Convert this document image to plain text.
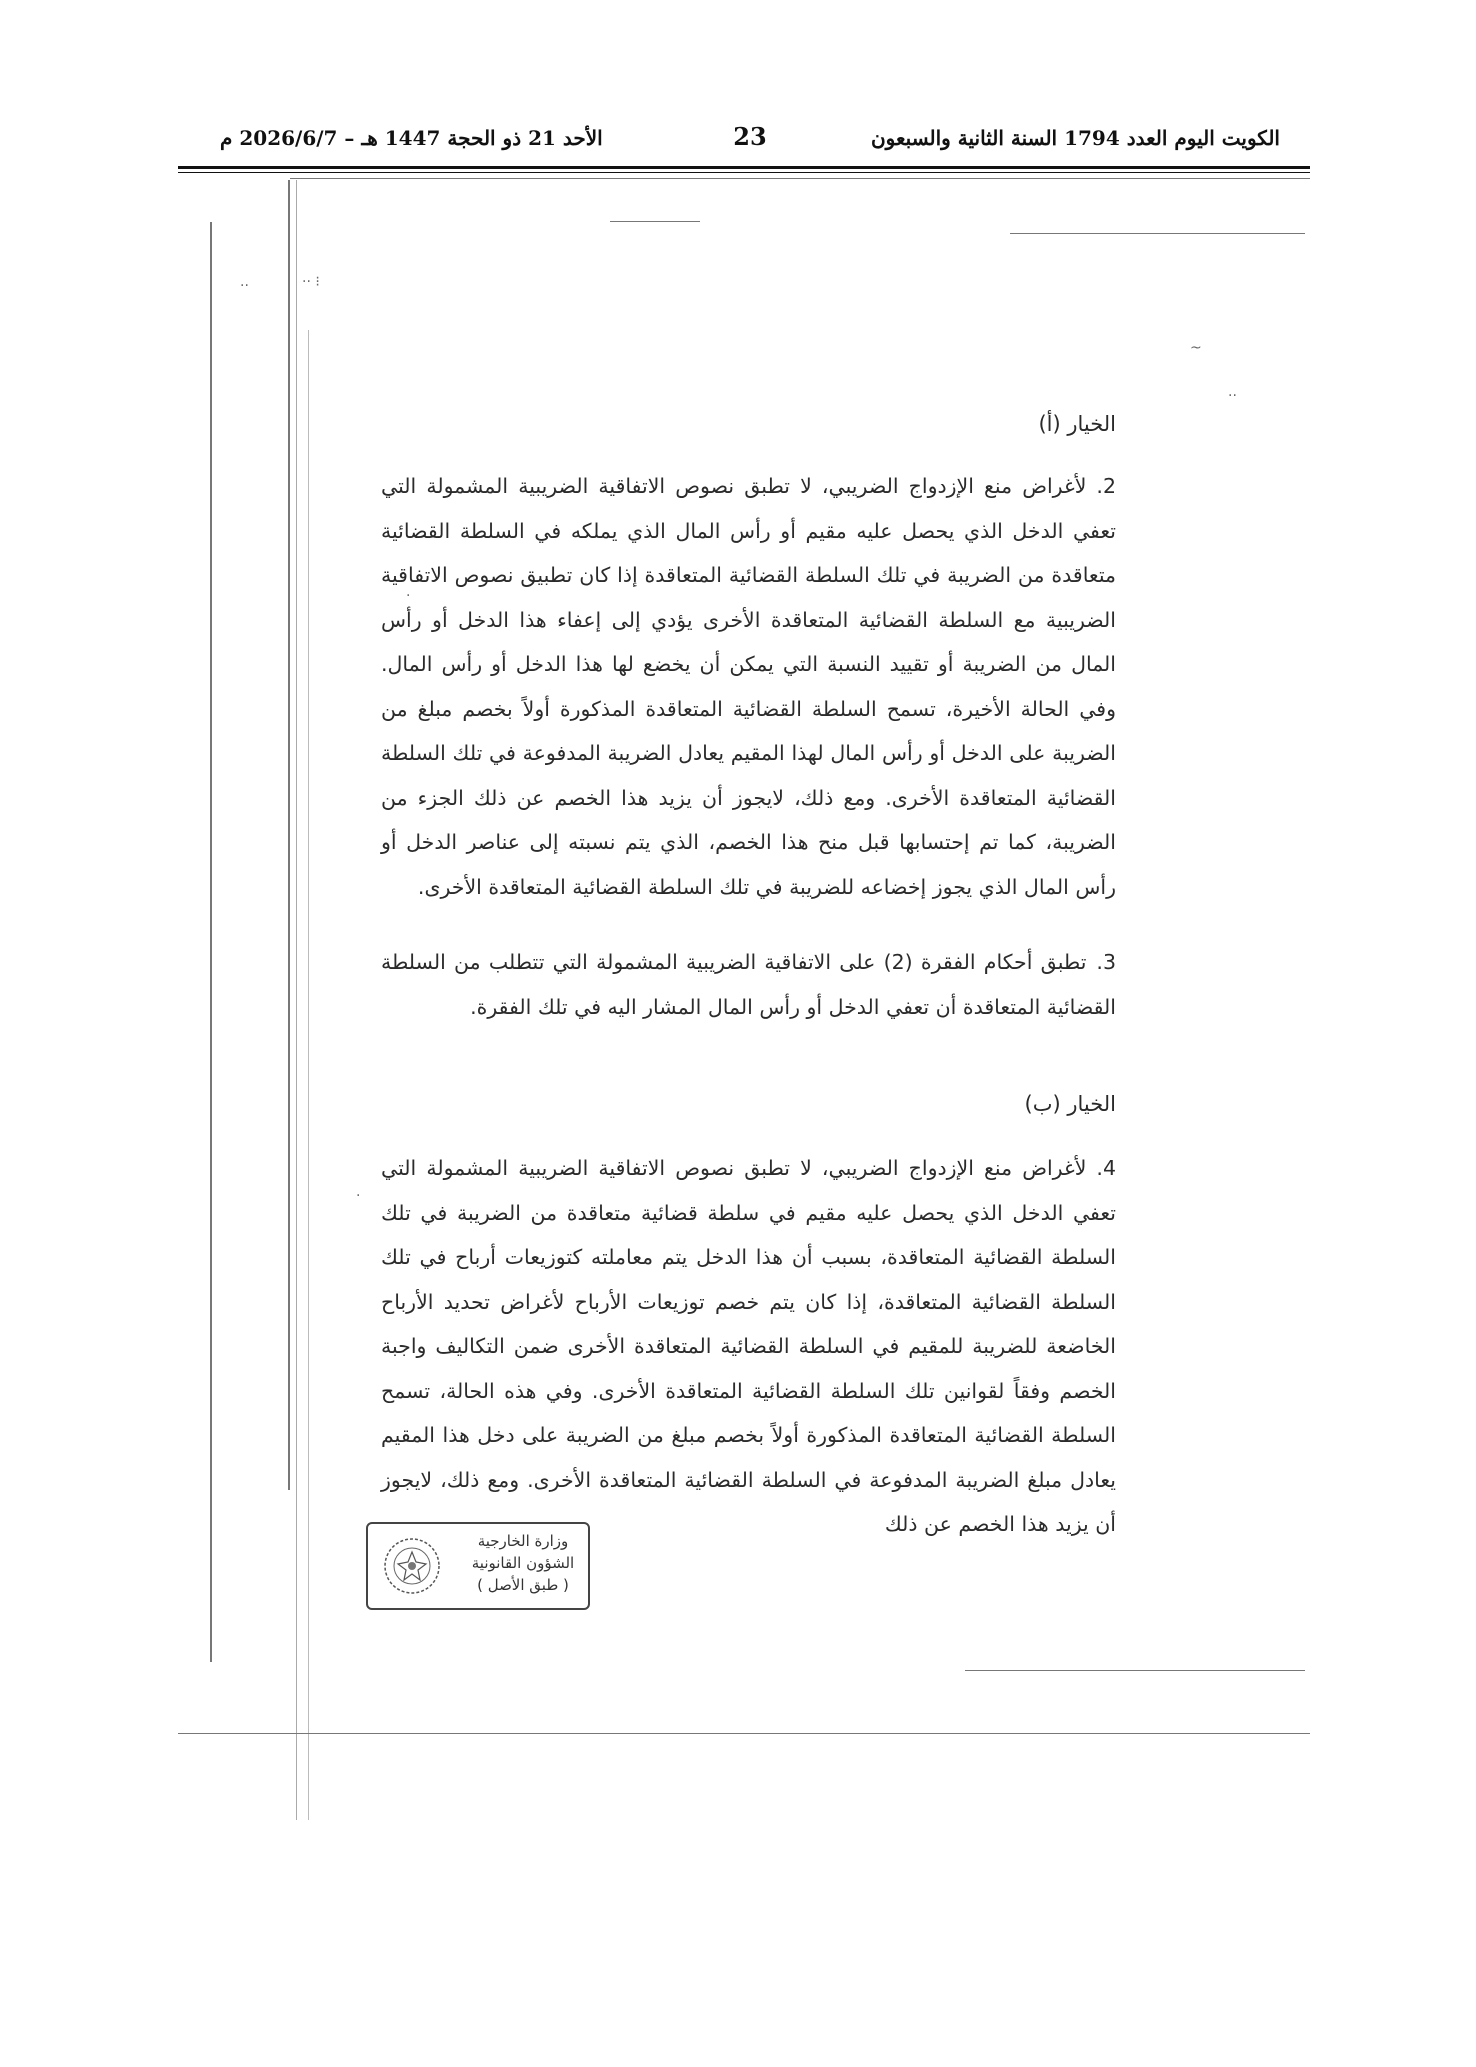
الكويت اليوم العدد 1794 السنة الثانية والسبعون
23
الأحد 21 ذو الحجة 1447 هـ – 2026/6/7 م
··	·· ⁝
~
··
·
·
الخيار (أ)
2.لأغراض منع الإزدواج الضريبي، لا تطبق نصوص الاتفاقية الضريبية المشمولة التي تعفي الدخل الذي يحصل عليه مقيم أو رأس المال الذي يملكه في السلطة القضائية متعاقدة من الضريبة في تلك السلطة القضائية المتعاقدة إذا كان تطبيق نصوص الاتفاقية الضريبية مع السلطة القضائية المتعاقدة الأخرى يؤدي إلى إعفاء هذا الدخل أو رأس المال من الضريبة أو تقييد النسبة التي يمكن أن يخضع لها هذا الدخل أو رأس المال. وفي الحالة الأخيرة، تسمح السلطة القضائية المتعاقدة المذكورة أولاً بخصم مبلغ من الضريبة على الدخل أو رأس المال لهذا المقيم يعادل الضريبة المدفوعة في تلك السلطة القضائية المتعاقدة الأخرى. ومع ذلك، لايجوز أن يزيد هذا الخصم عن ذلك الجزء من الضريبة، كما تم إحتسابها قبل منح هذا الخصم، الذي يتم نسبته إلى عناصر الدخل أو رأس المال الذي يجوز إخضاعه للضريبة في تلك السلطة القضائية المتعاقدة الأخرى.
3.تطبق أحكام الفقرة (2) على الاتفاقية الضريبية المشمولة التي تتطلب من السلطة القضائية المتعاقدة أن تعفي الدخل أو رأس المال المشار اليه في تلك الفقرة.
الخيار (ب)
4.لأغراض منع الإزدواج الضريبي، لا تطبق نصوص الاتفاقية الضريبية المشمولة التي تعفي الدخل الذي يحصل عليه مقيم في سلطة قضائية متعاقدة من الضريبة في تلك السلطة القضائية المتعاقدة، بسبب أن هذا الدخل يتم معاملته كتوزيعات أرباح في تلك السلطة القضائية المتعاقدة، إذا كان يتم خصم توزيعات الأرباح لأغراض تحديد الأرباح الخاضعة للضريبة للمقيم في السلطة القضائية المتعاقدة الأخرى ضمن التكاليف واجبة الخصم وفقاً لقوانين تلك السلطة القضائية المتعاقدة الأخرى. وفي هذه الحالة، تسمح السلطة القضائية المتعاقدة المذكورة أولاً بخصم مبلغ من الضريبة على دخل هذا المقيم يعادل مبلغ الضريبة المدفوعة في السلطة القضائية المتعاقدة الأخرى. ومع ذلك، لايجوز أن يزيد هذا الخصم عن ذلك
وزارة الخارجية
الشؤون القانونية
( طبق الأصل )
